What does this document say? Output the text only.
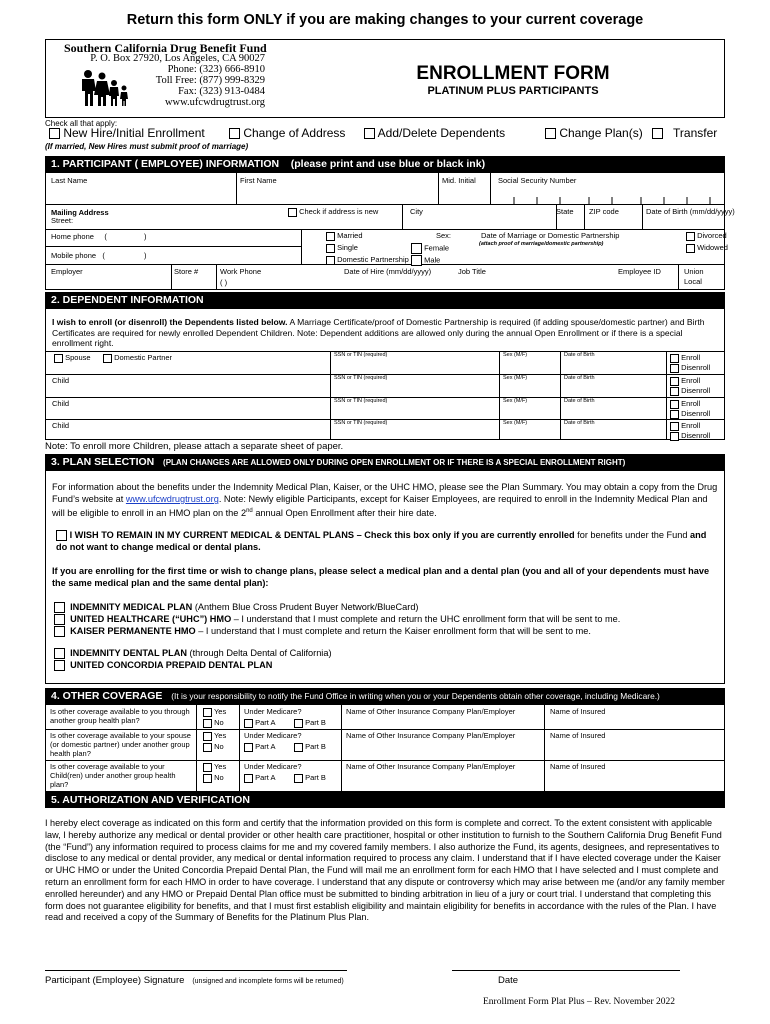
Return this form ONLY if you are making changes to your current coverage
Southern California Drug Benefit Fund
P. O. Box 27920, Los Angeles, CA 90027
Phone: (323) 666-8910
Toll Free: (877) 999-8329
Fax: (323) 913-0484
www.ufcwdrugtrust.org
ENROLLMENT FORM
PLATINUM PLUS PARTICIPANTS
Check all that apply:
New Hire/Initial Enrollment	Change of Address	Add/Delete Dependents	Change Plan(s)	Transfer
(If married, New Hires must submit proof of marriage)
1. PARTICIPANT ( EMPLOYEE) INFORMATION (please print and use blue or black ink)
Last Name	First Name	Mid. Initial	Social Security Number
Mailing Address
Street:
Check if address is new	City	State ZIP code	Date of Birth (mm/dd/yyyy)
Home phone (	)
Mobile phone (	)
Married
Single
Domestic Partnership
Sex:
Female
Male
Date of Marriage or Domestic Partnership
(attach proof of marriage/domestic partnership)
Divorced
Widowed
Employer	Store #	Work Phone
( )
Date of Hire (mm/dd/yyyy)	Job Title	Employee ID	Union
Local
2. DEPENDENT INFORMATION
I wish to enroll (or disenroll) the Dependents listed below. A Marriage Certificate/proof of Domestic Partnership is required (if adding spouse/domestic partner) and Birth Certificates are required for newly enrolled Dependent Children. Note: Dependent additions are allowed only during the annual Open Enrollment or if there is a special enrollment right.
Spouse	Domestic Partner	SSN or TIN (required)	Sex (M/F)	Date of Birth	Enroll
Disenroll
Child	SSN or TIN (required)	Sex (M/F)	Date of Birth	Enroll
Disenroll
Child	SSN or TIN (required)	Sex (M/F)	Date of Birth	Enroll
Disenroll
Child	SSN or TIN (required)	Sex (M/F)	Date of Birth	Enroll
Disenroll
Note: To enroll more Children, please attach a separate sheet of paper.
3. PLAN SELECTION (PLAN CHANGES ARE ALLOWED ONLY DURING OPEN ENROLLMENT OR IF THERE IS A SPECIAL ENROLLMENT RIGHT)
For information about the benefits under the Indemnity Medical Plan, Kaiser, or the UHC HMO, please see the Plan Summary. You may obtain a copy from the Drug Fund’s website at www.ufcwdrugtrust.org. Note: Newly eligible Participants, except for Kaiser Employees, are required to enroll in the Indemnity Medical Plan and will be eligible to enroll in an HMO plan on the 2nd annual Open Enrollment after their hire date.
I WISH TO REMAIN IN MY CURRENT MEDICAL & DENTAL PLANS – Check this box only if you are currently enrolled for benefits under the Fund and do not want to change medical or dental plans.
If you are enrolling for the first time or wish to change plans, please select a medical plan and a dental plan (you and all of your dependents must have the same medical plan and the same dental plan):
INDEMNITY MEDICAL PLAN (Anthem Blue Cross Prudent Buyer Network/BlueCard)
UNITED HEALTHCARE (“UHC”) HMO – I understand that I must complete and return the UHC enrollment form that will be sent to me.
KAISER PERMANENTE HMO – I understand that I must complete and return the Kaiser enrollment form that will be sent to me.
INDEMNITY DENTAL PLAN (through Delta Dental of California)
UNITED CONCORDIA PREPAID DENTAL PLAN
4. OTHER COVERAGE (It is your responsibility to notify the Fund Office in writing when you or your Dependents obtain other coverage, including Medicare.)
Is other coverage available to you through another group health plan?
Yes
No
Under Medicare?
Part A	Part B
Name of Other Insurance Company Plan/Employer	Name of Insured
Is other coverage available to your spouse (or domestic partner) under another group health plan?
Yes
No
Under Medicare?
Part A	Part B
Name of Other Insurance Company Plan/Employer	Name of Insured
Is other coverage available to your Child(ren) under another group health plan?
Yes
No
Under Medicare?
Part A	Part B
Name of Other Insurance Company Plan/Employer	Name of Insured
5. AUTHORIZATION AND VERIFICATION
I hereby elect coverage as indicated on this form and certify that the information provided on this form is complete and correct. To the extent consistent with applicable law, I hereby authorize any medical or dental provider or other health care practitioner, hospital or other institution to furnish to the Southern California Drug Benefit Fund (the “Fund”) any information required to process claims for me and my covered family members. I also authorize the Fund, its agents, designees, and representatives to disclose to any medical or dental provider, any medical or dental information required to process any claim. I understand that if I have elected coverage under the Kaiser or UHC HMO or under the United Concordia Prepaid Dental Plan, the Fund will mail me an enrollment form for each HMO that I have selected and I must complete and return an enrollment form for each HMO in order to have coverage. I understand that any dispute or controversy which may arise between me (and/or any family member enrolled hereunder) and any HMO or Prepaid Dental Plan office must be submitted to binding arbitration in lieu of a jury or court trial. I understand that completing this form does not guarantee eligibility for benefits, and that I must first establish eligibility and maintain eligibility for benefits in accordance with the rules of the Plan. I have read and received a copy of the Summary of Benefits for the Platinum Plus Plan.
Participant (Employee) Signature (unsigned and incomplete forms will be returned)	Date
Enrollment Form Plat Plus – Rev. November 2022
